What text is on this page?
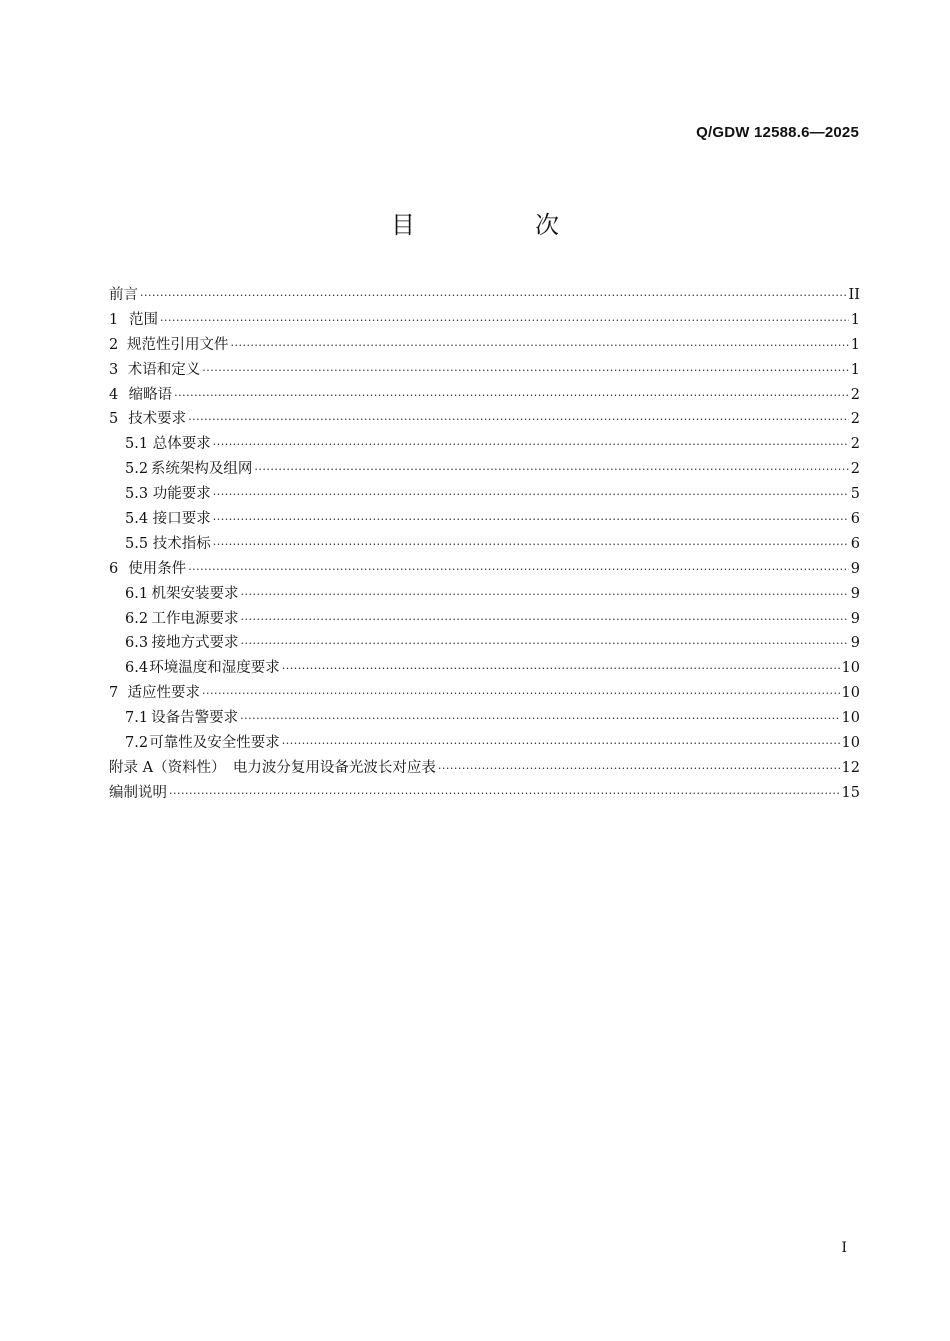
Q/GDW 12588.6—2025
目　次
前言 ·····	II
1 范围 ·····	1
2 规范性引用文件 ·····	1
3 术语和定义 ·····	1
4 缩略语 ·····	2
5 技术要求 ·····	2
5.1 总体要求 ·····	2
5.2 系统架构及组网 ·····	2
5.3 功能要求 ·····	5
5.4 接口要求 ·····	6
5.5 技术指标 ·····	6
6 使用条件 ·····	9
6.1 机架安装要求 ·····	9
6.2 工作电源要求 ·····	9
6.3 接地方式要求 ·····	9
6.4 环境温度和湿度要求 ·····	10
7 适应性要求 ·····	10
7.1 设备告警要求 ·····	10
7.2 可靠性及安全性要求 ·····	10
附录 A（资料性）　电力波分复用设备光波长对应表 ·····	12
编制说明 ·····	15
I
